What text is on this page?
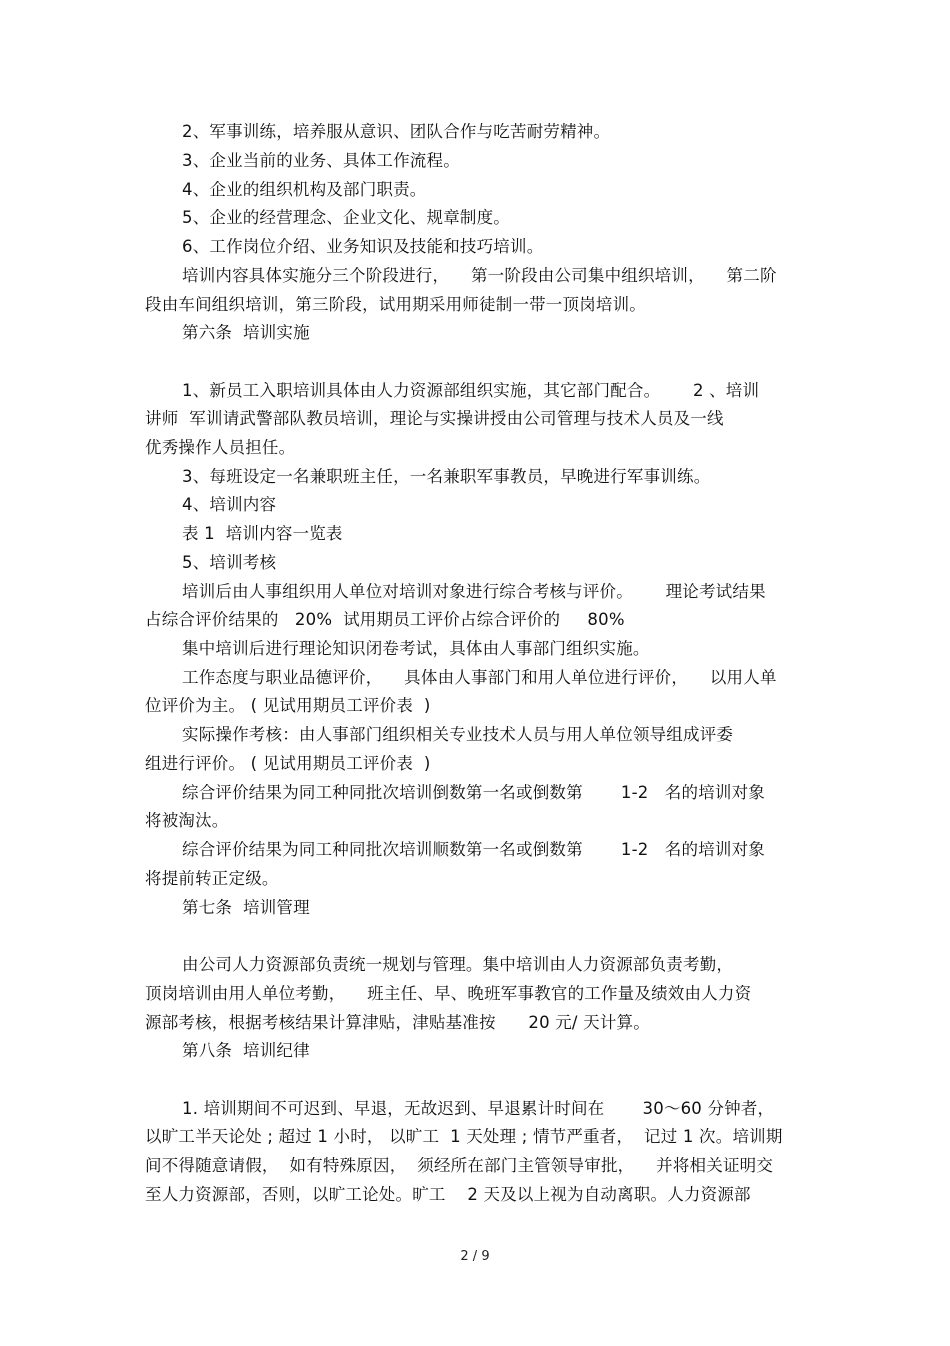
2、军事训练，培养服从意识、团队合作与吃苦耐劳精神。
3、企业当前的业务、具体工作流程。
4、企业的组织机构及部门职责。
5、企业的经营理念、企业文化、规章制度。
6、工作岗位介绍、业务知识及技能和技巧培训。
培训内容具体实施分三个阶段进行，    第一阶段由公司集中组织培训，    第二阶
段由车间组织培训，第三阶段，试用期采用师徒制一带一顶岗培训。
第六条  培训实施
1、新员工入职培训具体由人力资源部组织实施，其它部门配合。      2 、培训
讲师  军训请武警部队教员培训，理论与实操讲授由公司管理与技术人员及一线
优秀操作人员担任。
3、每班设定一名兼职班主任，一名兼职军事教员，早晚进行军事训练。
4、培训内容
表 1  培训内容一览表
5、培训考核
培训后由人事组织用人单位对培训对象进行综合考核与评价。      理论考试结果
占综合评价结果的   20%  试用期员工评价占综合评价的     80%
集中培训后进行理论知识闭卷考试，具体由人事部门组织实施。
工作态度与职业品德评价，    具体由人事部门和用人单位进行评价，    以用人单
位评价为主。 ( 见试用期员工评价表  )
实际操作考核：由人事部门组织相关专业技术人员与用人单位领导组成评委
组进行评价。 ( 见试用期员工评价表  )
综合评价结果为同工种同批次培训倒数第一名或倒数第       1-2   名的培训对象
将被淘汰。
综合评价结果为同工种同批次培训顺数第一名或倒数第       1-2   名的培训对象
将提前转正定级。
第七条  培训管理
由公司人力资源部负责统一规划与管理。集中培训由人力资源部负责考勤，
顶岗培训由用人单位考勤，    班主任、早、晚班军事教官的工作量及绩效由人力资
源部考核，根据考核结果计算津贴，津贴基准按      20 元/ 天计算。
第八条  培训纪律
1. 培训期间不可迟到、早退，无故迟到、早退累计时间在       30～60 分钟者，
以旷工半天论处 ; 超过 1 小时， 以旷工  1 天处理 ; 情节严重者，  记过 1 次。培训期
间不得随意请假，  如有特殊原因，  须经所在部门主管领导审批，    并将相关证明交
至人力资源部，否则，以旷工论处。旷工    2 天及以上视为自动离职。人力资源部
2 / 9
